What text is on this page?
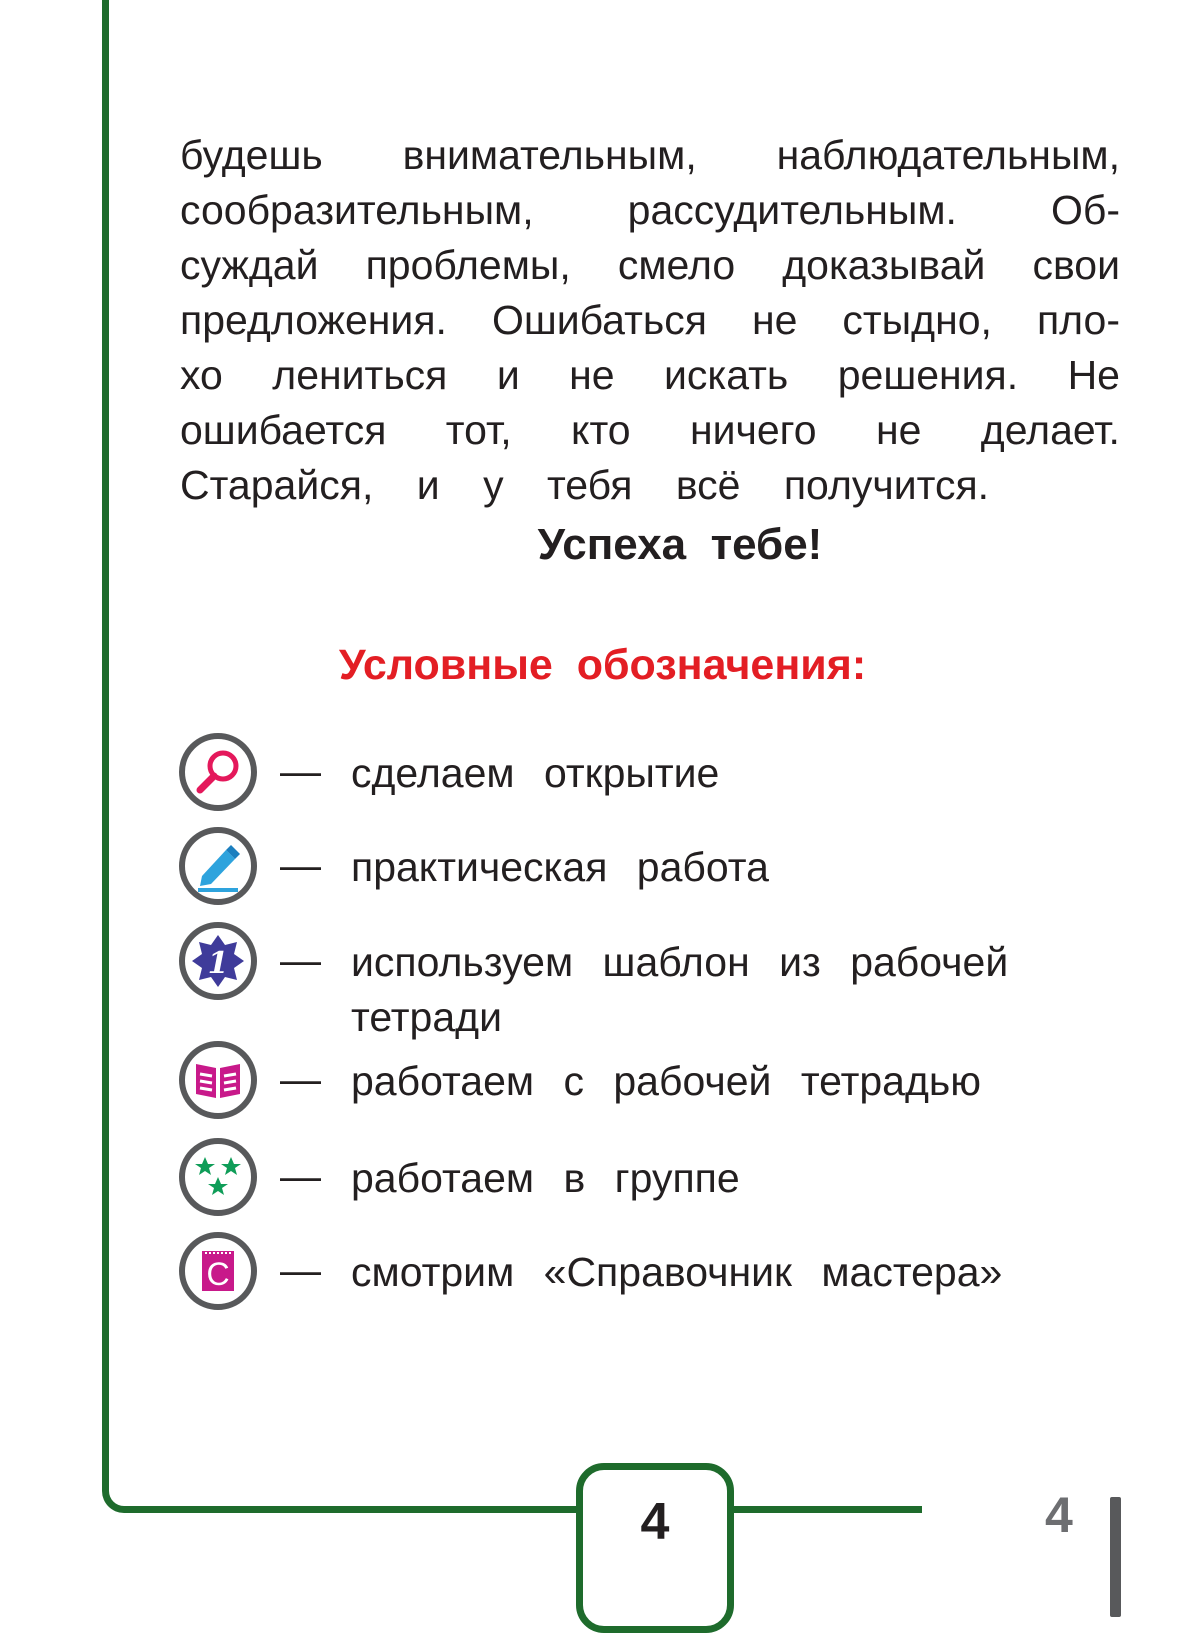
будешь внимательным, наблюдательным,
сообразительным, рассудительным. Об-
суждай проблемы, смело доказывай свои
предложения. Ошибаться не стыдно, пло-
хо лениться и не искать решения. Не
ошибается тот, кто ничего не делает.
Старайся, и у тебя всё получится.
Успеха  тебе!
Условные  обозначения:
— сделаем открытие
— практическая работа
1 — используем шаблон из рабочей
тетради
— работаем с рабочей тетрадью
— работаем в группе
C — смотрим «Справочник мастера»
4	4
